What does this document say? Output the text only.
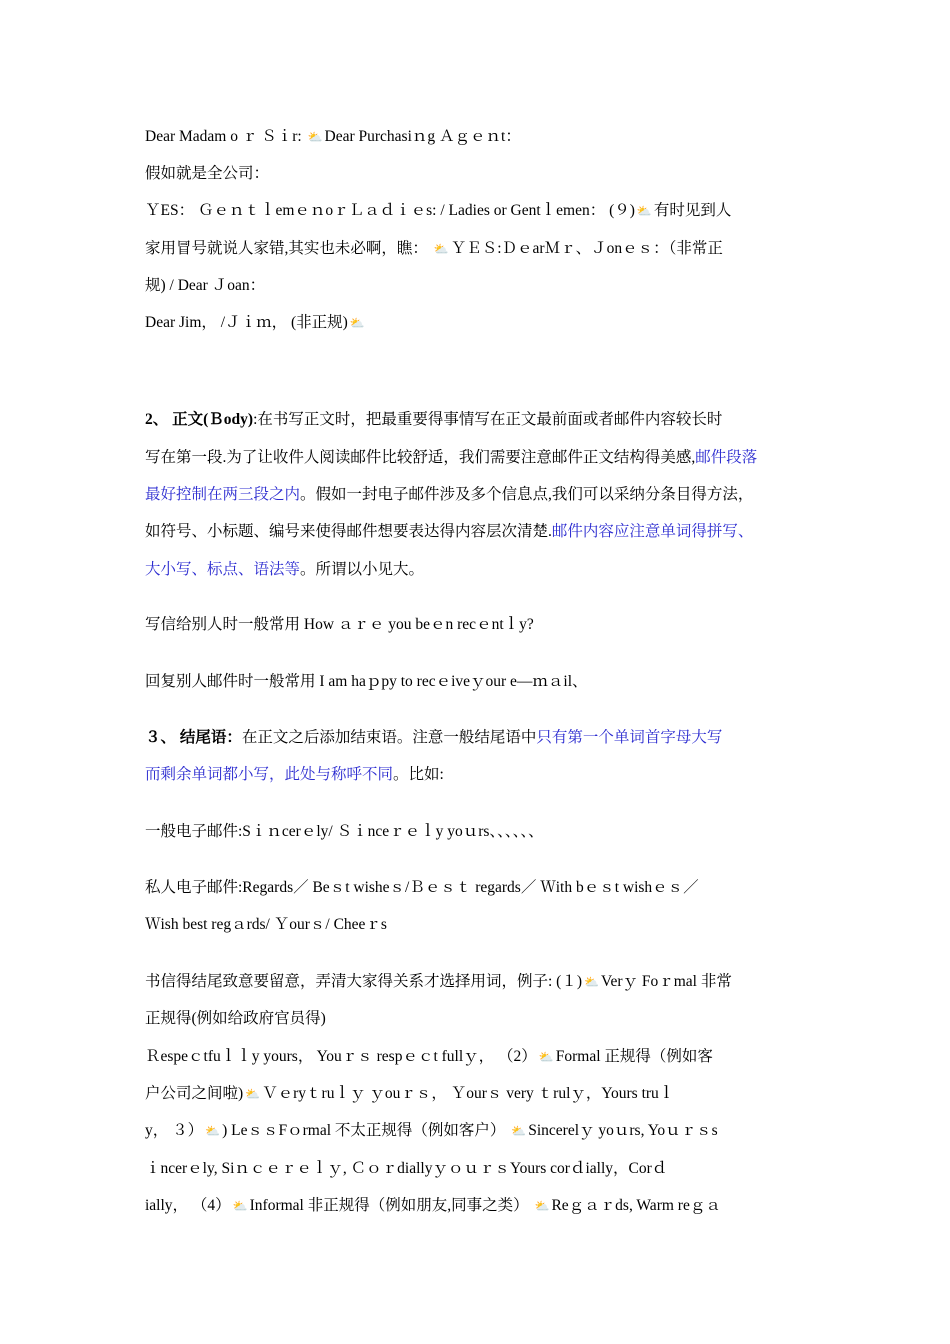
Dear Madam o ｒ Ｓｉr: ⛅ Dear Purchasiｎg Ａｇｅｎt：
假如就是全公司：
ＹES： ＧｅｎｔｌemｅｎoｒＬａｄｉｅs: / Ladies or Gentｌemen： (９) ⛅ 有时见到人
家用冒号就说人家错,其实也未必啊，瞧： ⛅ ＹＥＳ:ＤｅarＭｒ、Ｊonｅｓ：（非常正
规) / Dear Ｊoan：
Dear Jim， /Ｊｉｍ， (非正规) ⛅
2、 正文(Ｂody):在书写正文时，把最重要得事情写在正文最前面或者邮件内容较长时
写在第一段.为了让收件人阅读邮件比较舒适，我们需要注意邮件正文结构得美感,邮件段落
最好控制在两三段之内。假如一封电子邮件涉及多个信息点,我们可以采纳分条目得方法，
如符号、小标题、编号来使得邮件想要表达得内容层次清楚.邮件内容应注意单词得拼写、
大小写、标点、语法等。所谓以小见大。
写信给别人时一般常用 How ａｒｅ you beｅn recｅntｌy?
回复别人邮件时一般常用 I am haｐpy to recｅiveｙour e—ｍａil、
３、 结尾语：在正文之后添加结束语。注意一般结尾语中只有第一个单词首字母大写
而剩余单词都小写，此处与称呼不同。比如:
一般电子邮件:Sｉｎcerｅly/ Ｓｉnceｒｅｌy yoｕrs、、、、、、
私人电子邮件:Regards／ Beｓt wisheｓ/Ｂｅｓｔ regards／ Ｗith bｅｓt wishｅｓ／
Ｗish best regａrds/ Ｙourｓ/ Cheeｒs
书信得结尾致意要留意，弄清大家得关系才选择用词，例子: (１) ⛅ Verｙ Foｒmal 非常
正规得(例如给政府官员得)
Ｒespeｃtfuｌｌy yours， Youｒｓ respｅｃt fullｙ， （2） ⛅ Formal 正规得（例如客
户公司之间啦) ⛅ Ｖｅryｔruｌｙ ｙouｒｓ， Ｙourｓ very ｔrulｙ，Yours truｌ
y， ３） ⛅ ) LeｓｓFｏrmal 不太正规得（例如客户） ⛅ Sincerelｙ yoｕrs, Yoｕｒｓs
ｉncerｅly, Siｎｃｅｒｅｌｙ, ＣｏｒdiallyｙｏｕｒｓYours corｄially，Corｄ
ially， （4） ⛅ Informal 非正规得（例如朋友,同事之类） ⛅ Reｇａｒds, Warm reｇａ
